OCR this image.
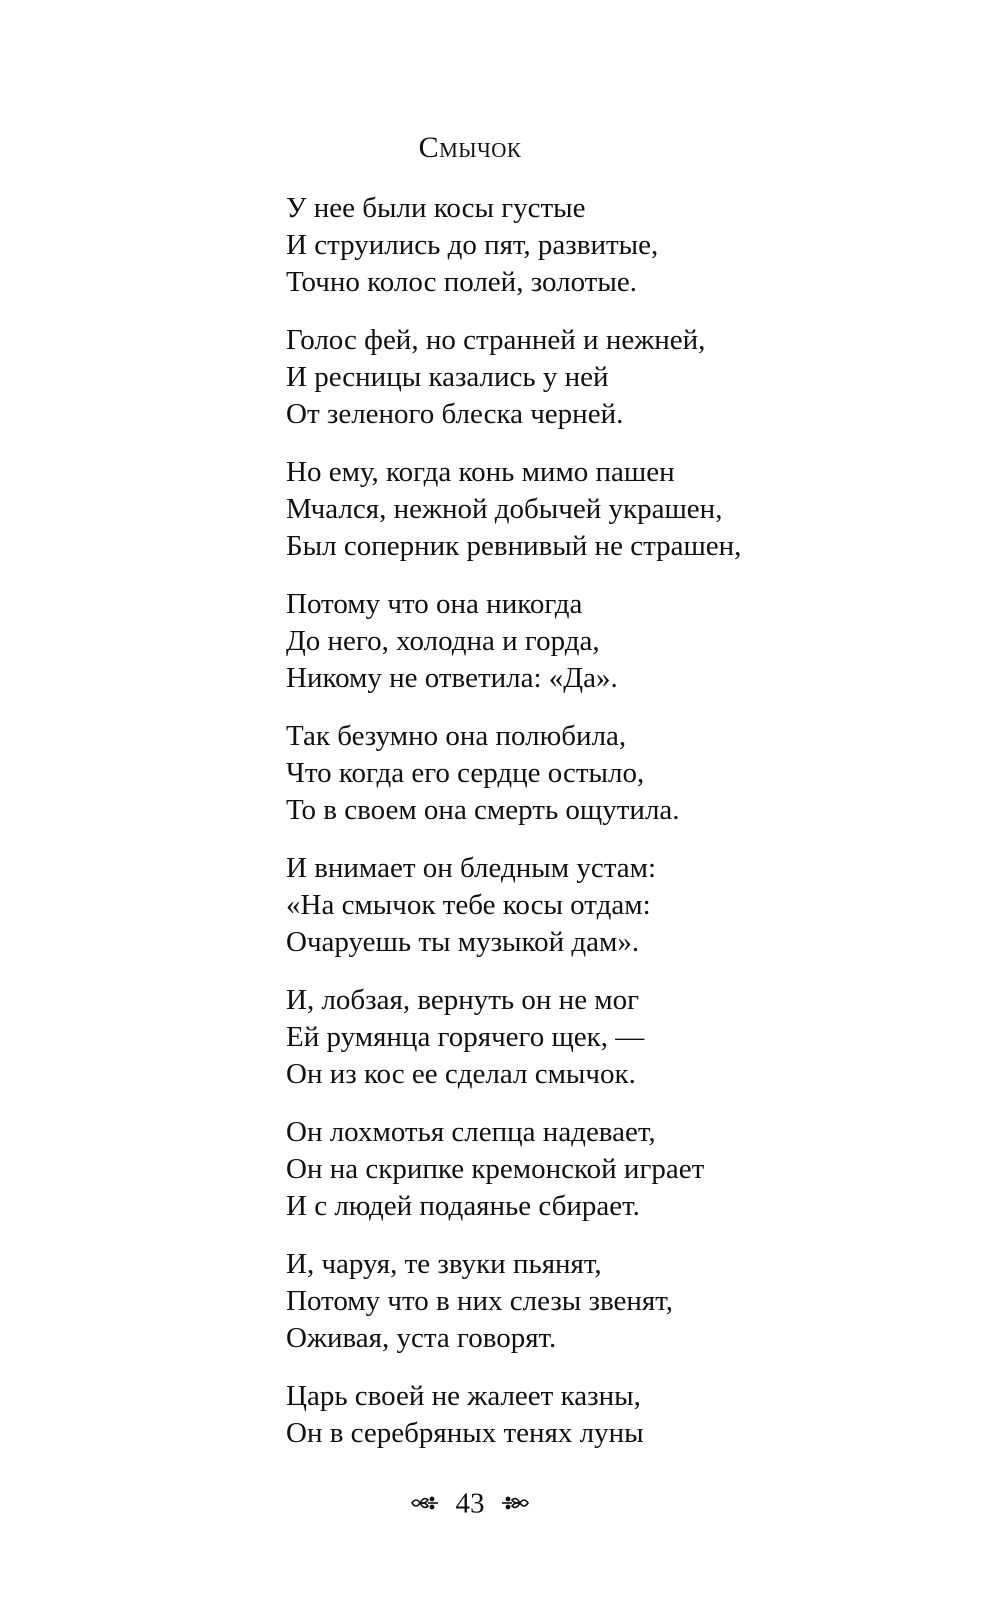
Смычок
У нее были косы густые
И струились до пят, развитые,
Точно колос полей, золотые.
Голос фей, но странней и нежней,
И ресницы казались у ней
От зеленого блеска черней.
Но ему, когда конь мимо пашен
Мчался, нежной добычей украшен,
Был соперник ревнивый не страшен,
Потому что она никогда
До него, холодна и горда,
Никому не ответила: «Да».
Так безумно она полюбила,
Что когда его сердце остыло,
То в своем она смерть ощутила.
И внимает он бледным устам:
«На смычок тебе косы отдам:
Очаруешь ты музыкой дам».
И, лобзая, вернуть он не мог
Ей румянца горячего щек, —
Он из кос ее сделал смычок.
Он лохмотья слепца надевает,
Он на скрипке кремонской играет
И с людей подаянье сбирает.
И, чаруя, те звуки пьянят,
Потому что в них слезы звенят,
Оживая, уста говорят.
Царь своей не жалеет казны,
Он в серебряных тенях луны
43
